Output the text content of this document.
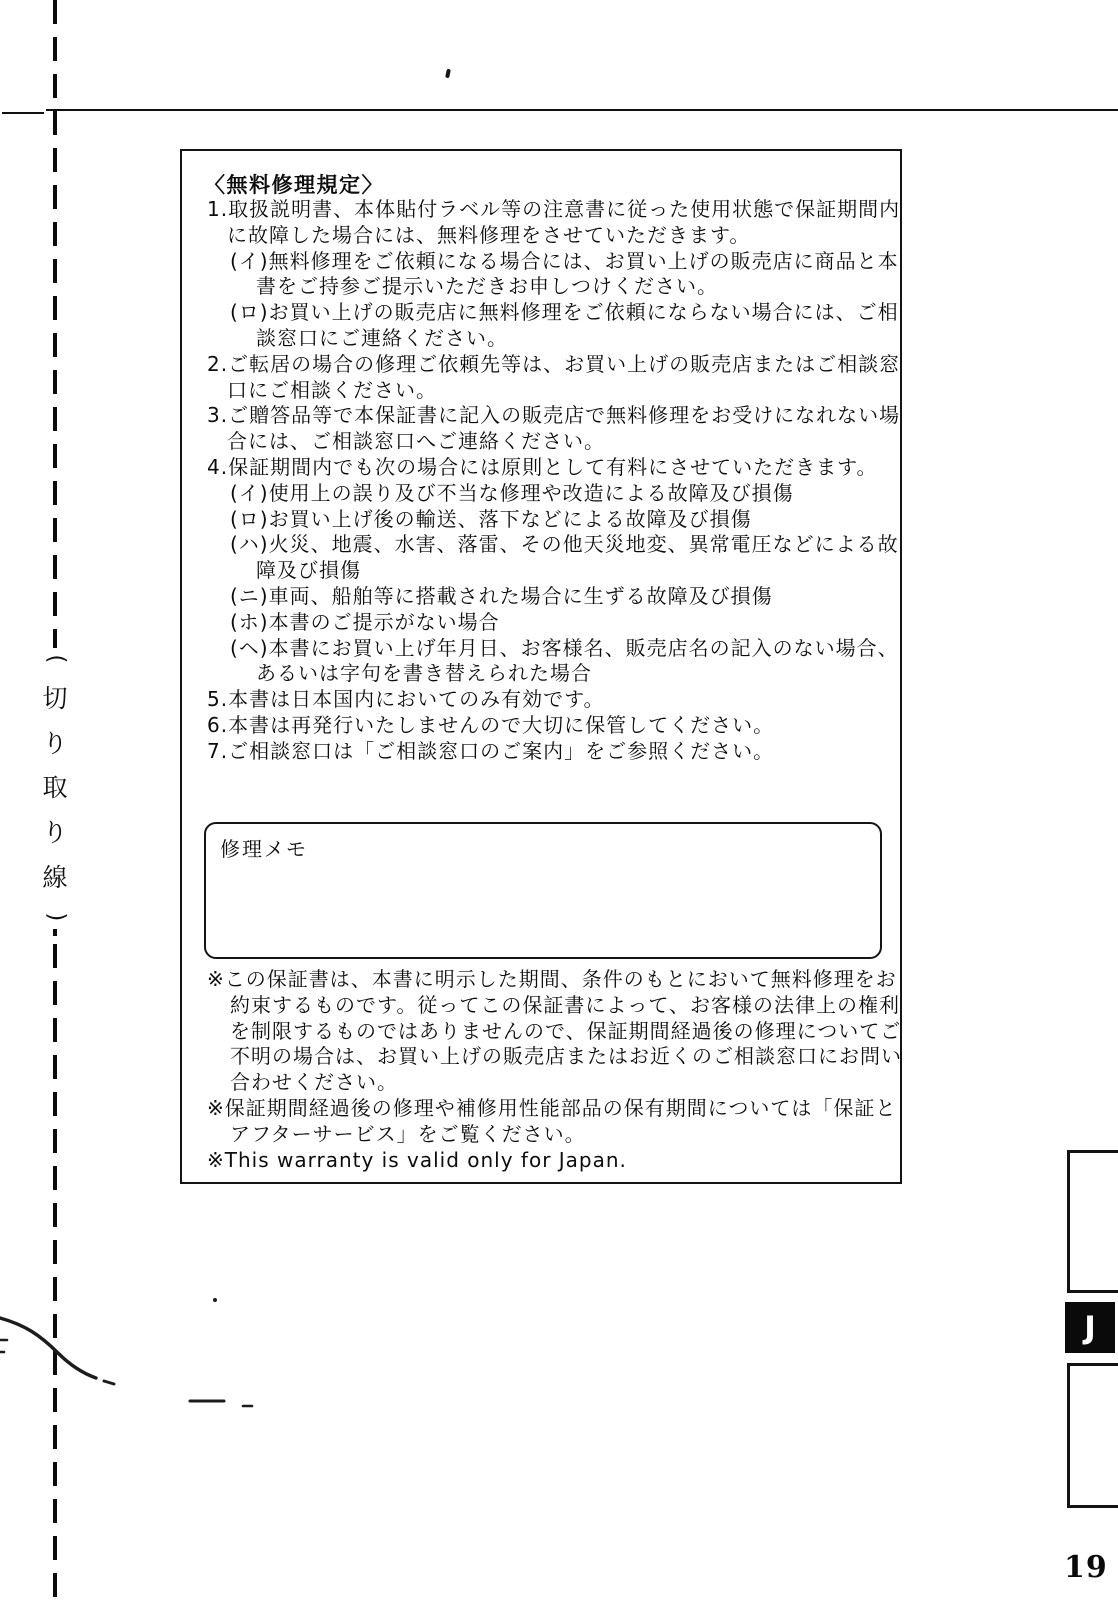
(
切
り
取
り
線
)
〈無料修理規定〉
1.取扱説明書、本体貼付ラベル等の注意書に従った使用状態で保証期間内
に故障した場合には、無料修理をさせていただきます。
(イ)無料修理をご依頼になる場合には、お買い上げの販売店に商品と本
書をご持参ご提示いただきお申しつけください。
(ロ)お買い上げの販売店に無料修理をご依頼にならない場合には、ご相
談窓口にご連絡ください。
2.ご転居の場合の修理ご依頼先等は、お買い上げの販売店またはご相談窓
口にご相談ください。
3.ご贈答品等で本保証書に記入の販売店で無料修理をお受けになれない場
合には、ご相談窓口へご連絡ください。
4.保証期間内でも次の場合には原則として有料にさせていただきます。
(イ)使用上の誤り及び不当な修理や改造による故障及び損傷
(ロ)お買い上げ後の輸送、落下などによる故障及び損傷
(ハ)火災、地震、水害、落雷、その他天災地変、異常電圧などによる故
障及び損傷
(ニ)車両、船舶等に搭載された場合に生ずる故障及び損傷
(ホ)本書のご提示がない場合
(ヘ)本書にお買い上げ年月日、お客様名、販売店名の記入のない場合、
あるいは字句を書き替えられた場合
5.本書は日本国内においてのみ有効です。
6.本書は再発行いたしませんので大切に保管してください。
7.ご相談窓口は「ご相談窓口のご案内」をご参照ください。
修理メモ
※この保証書は、本書に明示した期間、条件のもとにおいて無料修理をお
約束するものです。従ってこの保証書によって、お客様の法律上の権利
を制限するものではありませんので、保証期間経過後の修理についてご
不明の場合は、お買い上げの販売店またはお近くのご相談窓口にお問い
合わせください。
※保証期間経過後の修理や補修用性能部品の保有期間については「保証と
アフターサービス」をご覧ください。
※This warranty is valid only for Japan.
J
19
